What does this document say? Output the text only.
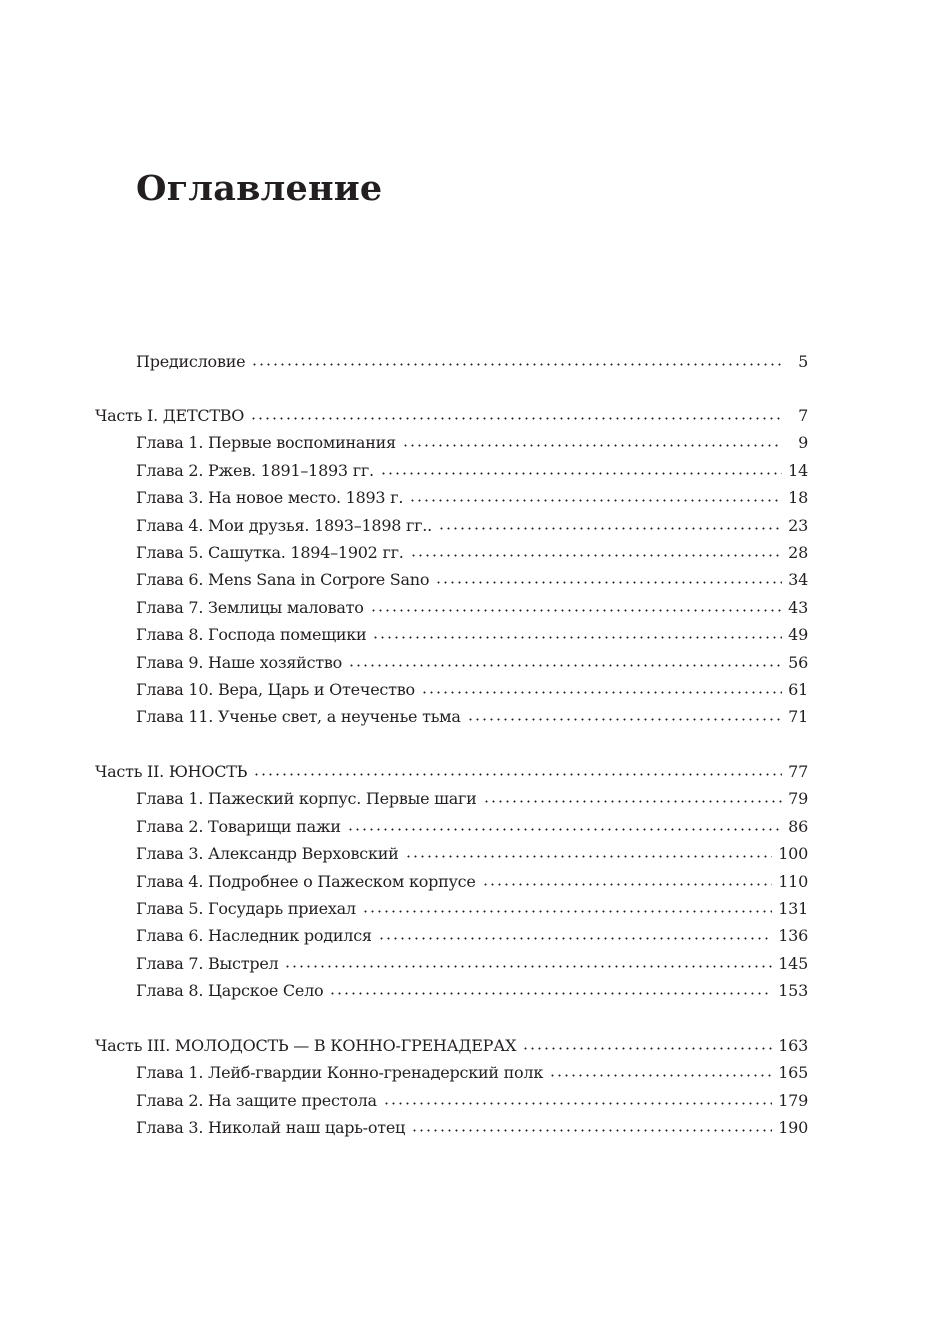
Оглавление
Предисловие	5
Часть I. ДЕТСТВО	7
Глава 1. Первые воспоминания	9
Глава 2. Ржев. 1891–1893 гг.	14
Глава 3. На новое место. 1893 г.	18
Глава 4. Мои друзья. 1893–1898 гг..	23
Глава 5. Сашутка. 1894–1902 гг.	28
Глава 6. Mens Sana in Corpore Sano	34
Глава 7. Землицы маловато	43
Глава 8. Господа помещики	49
Глава 9. Наше хозяйство	56
Глава 10. Вера, Царь и Отечество	61
Глава 11. Ученье свет, а неученье тьма	71
Часть II. ЮНОСТЬ	77
Глава 1. Пажеский корпус. Первые шаги	79
Глава 2. Товарищи пажи	86
Глава 3. Александр Верховский	100
Глава 4. Подробнее о Пажеском корпусе	110
Глава 5. Государь приехал	131
Глава 6. Наследник родился	136
Глава 7. Выстрел	145
Глава 8. Царское Село	153
Часть III. МОЛОДОСТЬ — В КОННО-ГРЕНАДЕРАХ	163
Глава 1. Лейб-гвардии Конно-гренадерский полк	165
Глава 2. На защите престола	179
Глава 3. Николай наш царь-отец	190
